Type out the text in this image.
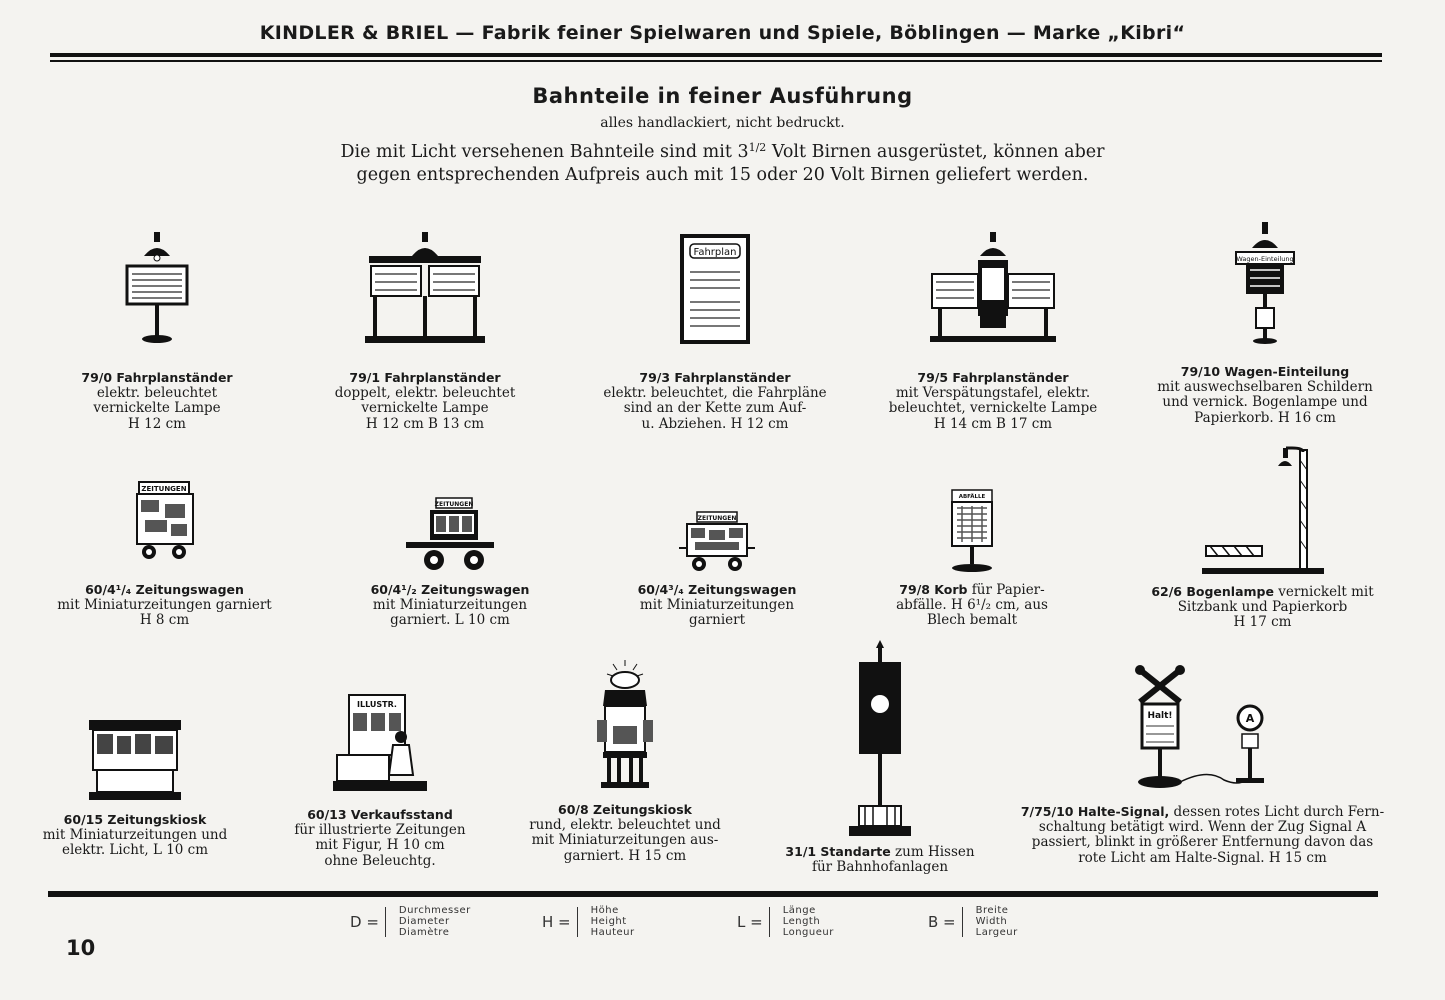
KINDLER & BRIEL — Fabrik feiner Spielwaren und Spiele, Böblingen — Marke „Kibri“
Bahnteile in feiner Ausführung
alles handlackiert, nicht bedruckt.
Die mit Licht versehenen Bahnteile sind mit $3^{1/2}$ Volt Birnen ausgerüstet, können aber
gegen entsprechenden Aufpreis auch mit 15 oder 20 Volt Birnen geliefert werden.
79/0 Fahrplanständer
elektr. beleuchtet
vernickelte Lampe
H 12 cm
79/1 Fahrplanständer
doppelt, elektr. beleuchtet
vernickelte Lampe
H 12 cm B 13 cm
Fahrplan
79/3 Fahrplanständer
elektr. beleuchtet, die Fahrpläne
sind an der Kette zum Auf-
u. Abziehen. H 12 cm
79/5 Fahrplanständer
mit Verspätungstafel, elektr.
beleuchtet, vernickelte Lampe
H 14 cm B 17 cm
Wagen-Einteilung
79/10 Wagen-Einteilung
mit auswechselbaren Schildern
und vernick. Bogenlampe und
Papierkorb. H 16 cm
ZEITUNGEN
60/4¹/₄ Zeitungswagen
mit Miniaturzeitungen garniert
H 8 cm
ZEITUNGEN
60/4¹/₂ Zeitungswagen
mit Miniaturzeitungen
garniert. L 10 cm
ZEITUNGEN
60/4³/₄ Zeitungswagen
mit Miniaturzeitungen
garniert
ABFÄLLE
79/8 Korb für Papier-
abfälle. H 6¹/₂ cm, aus
Blech bemalt
62/6 Bogenlampe vernickelt mit
Sitzbank und Papierkorb
H 17 cm
60/15 Zeitungskiosk
mit Miniaturzeitungen und
elektr. Licht, L 10 cm
ILLUSTR.
60/13 Verkaufsstand
für illustrierte Zeitungen
mit Figur, H 10 cm
ohne Beleuchtg.
60/8 Zeitungskiosk
rund, elektr. beleuchtet und
mit Miniaturzeitungen aus-
garniert. H 15 cm	31/1 Standarte zum Hissen
für Bahnhofanlagen
Halt!	A
7/75/10 Halte-Signal, dessen rotes Licht durch Fern-
schaltung betätigt wird. Wenn der Zug Signal A
passiert, blinkt in größerer Entfernung davon das
rote Licht am Halte-Signal. H 15 cm
10
D =
Durchmesser
Diameter
Diamètre
H =
Höhe
Height
Hauteur
L =
Länge
Length
Longueur
B =
Breite
Width
Largeur
